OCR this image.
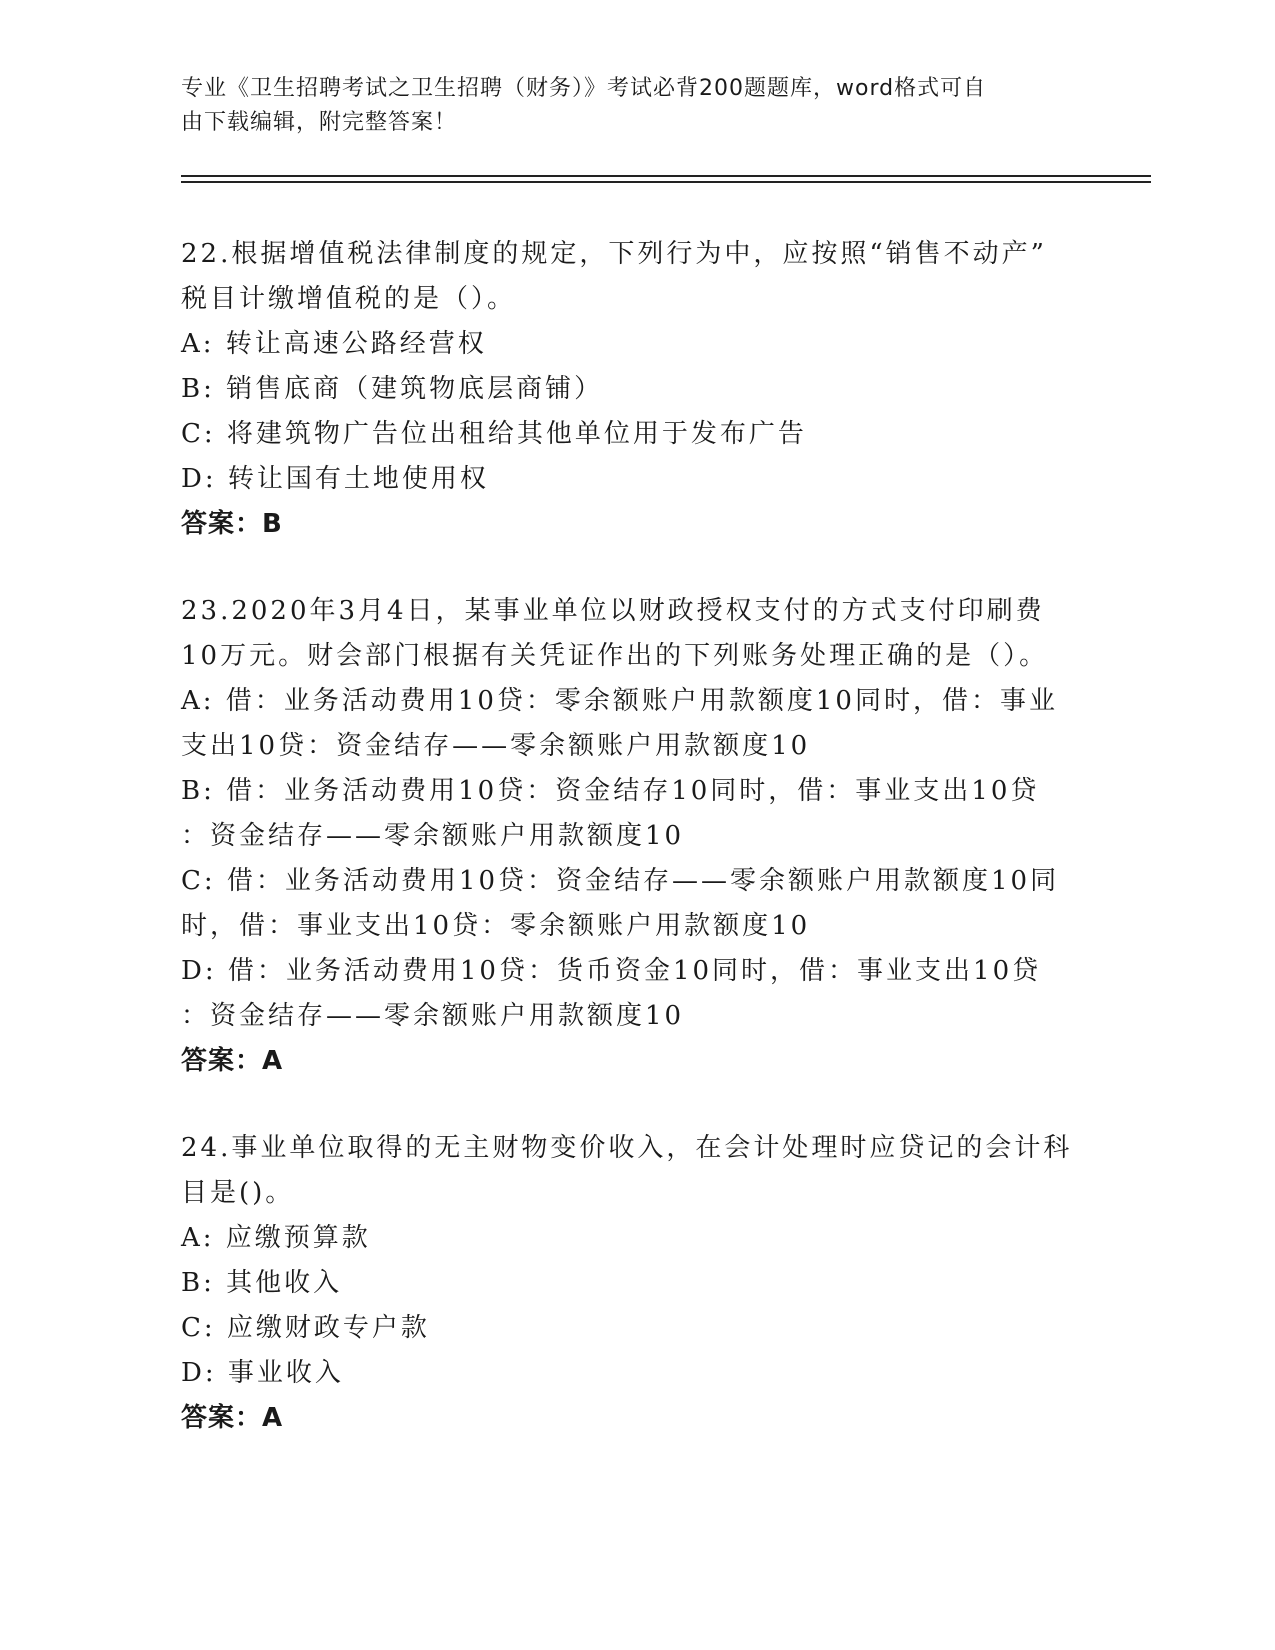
专业《卫生招聘考试之卫生招聘（财务）》考试必背200题题库，word格式可自
由下载编辑，附完整答案！
22.根据增值税法律制度的规定，下列行为中，应按照“销售不动产”
税目计缴增值税的是（）。
A: 转让高速公路经营权
B: 销售底商（建筑物底层商铺）
C: 将建筑物广告位出租给其他单位用于发布广告
D: 转让国有土地使用权
答案：B
23.2020年3月4日，某事业单位以财政授权支付的方式支付印刷费
10万元。财会部门根据有关凭证作出的下列账务处理正确的是（）。
A: 借：业务活动费用10贷：零余额账户用款额度10同时，借：事业
支出10贷：资金结存——零余额账户用款额度10
B: 借：业务活动费用10贷：资金结存10同时，借：事业支出10贷
：资金结存——零余额账户用款额度10
C: 借：业务活动费用10贷：资金结存——零余额账户用款额度10同
时，借：事业支出10贷：零余额账户用款额度10
D: 借：业务活动费用10贷：货币资金10同时，借：事业支出10贷
：资金结存——零余额账户用款额度10
答案：A
24.事业单位取得的无主财物变价收入，在会计处理时应贷记的会计科
目是()。
A: 应缴预算款
B: 其他收入
C: 应缴财政专户款
D: 事业收入
答案：A
